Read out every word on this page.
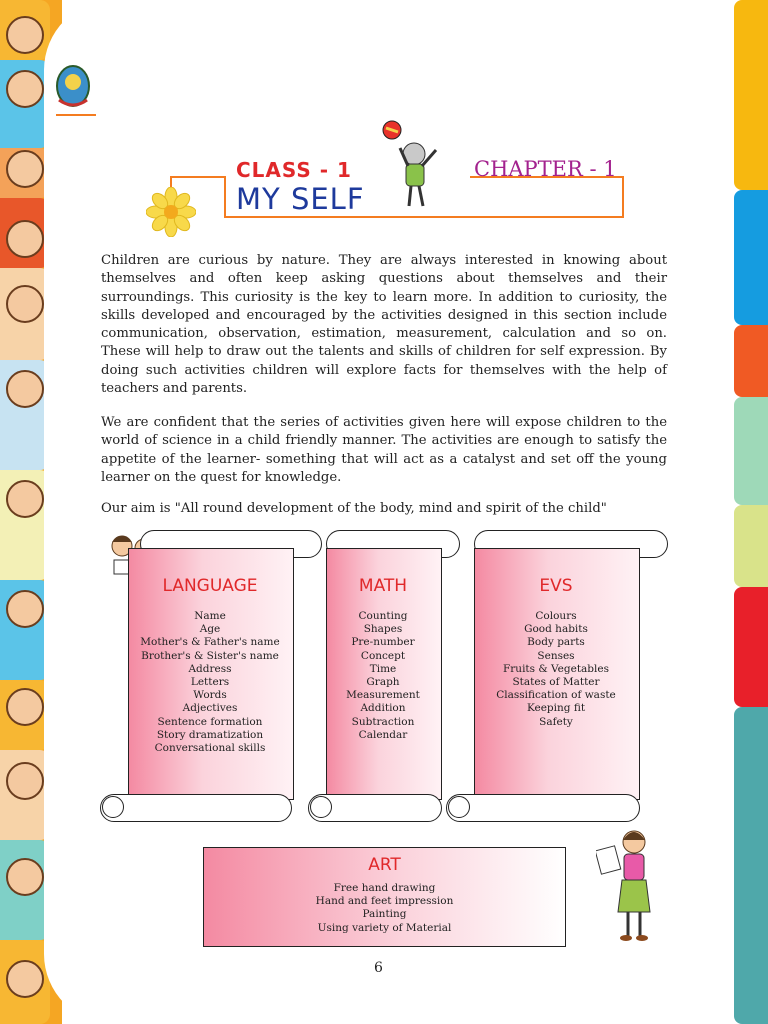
CLASS - 1
MY SELF
CHAPTER - 1

Children are curious by nature. They are always interested in knowing about themselves and often keep asking questions about themselves and their surroundings. This curiosity is the key to learn more. In addition to curiosity, the skills developed and encouraged by the activities designed in this section include communication, observation, estimation, measurement, calculation and so on. These will help to draw out the talents and skills of children for self expression. By doing such activities children will explore facts for themselves with the help of teachers and parents.

We are confident that the series of activities given here will expose children to the world of science in a child friendly manner. The activities are enough to satisfy the appetite of the learner- something that will act as a catalyst and set off the young learner on the quest for knowledge.

Our aim is "All round development of the body, mind and spirit of the child"

LANGUAGE
Name
Age
Mother's & Father's name
Brother's & Sister's name
Address
Letters
Words
Adjectives
Sentence formation
Story dramatization
Conversational skills
MATH
Counting
Shapes
Pre-number
Concept
Time
Graph
Measurement
Addition
Subtraction
Calendar
EVS
Colours
Good habits
Body parts
Senses
Fruits & Vegetables
States of Matter
Classification of waste
Keeping fit
Safety
ART
Free hand drawing
Hand and feet impression
Painting
Using variety of Material
6
